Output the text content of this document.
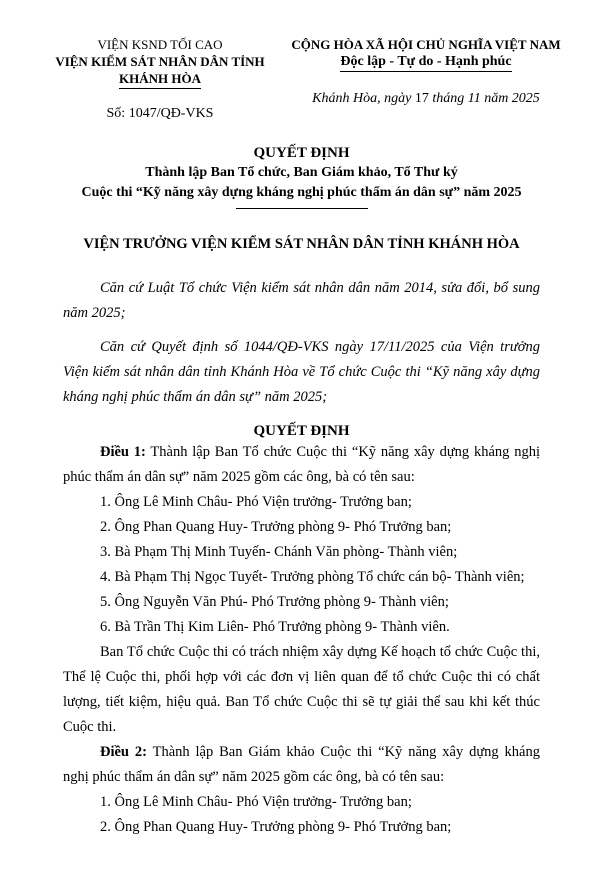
VIỆN KSND TỐI CAO
VIỆN KIỂM SÁT NHÂN DÂN TỈNH
KHÁNH HÒA
Số: 1047/QĐ-VKS
CỘNG HÒA XÃ HỘI CHỦ NGHĨA VIỆT NAM
Độc lập - Tự do - Hạnh phúc
Khánh Hòa, ngày 17 tháng 11 năm 2025
QUYẾT ĐỊNH
Thành lập Ban Tổ chức, Ban Giám khảo, Tổ Thư ký
Cuộc thi “Kỹ năng xây dựng kháng nghị phúc thẩm án dân sự” năm 2025
VIỆN TRƯỞNG VIỆN KIỂM SÁT NHÂN DÂN TỈNH KHÁNH HÒA

Căn cứ Luật Tổ chức Viện kiểm sát nhân dân năm 2014, sửa đổi, bổ sung năm 2025;

Căn cứ Quyết định số 1044/QĐ-VKS ngày 17/11/2025 của Viện trưởng Viện kiểm sát nhân dân tỉnh Khánh Hòa về Tổ chức Cuộc thi “Kỹ năng xây dựng kháng nghị phúc thẩm án dân sự” năm 2025;

QUYẾT ĐỊNH

Điều 1: Thành lập Ban Tổ chức Cuộc thi “Kỹ năng xây dựng kháng nghị phúc thẩm án dân sự” năm 2025 gồm các ông, bà có tên sau:

1. Ông Lê Minh Châu- Phó Viện trưởng- Trưởng ban;

2. Ông Phan Quang Huy- Trưởng phòng 9- Phó Trưởng ban;

3. Bà Phạm Thị Minh Tuyến- Chánh Văn phòng- Thành viên;

4. Bà Phạm Thị Ngọc Tuyết- Trưởng phòng Tổ chức cán bộ- Thành viên;

5. Ông Nguyễn Văn Phú- Phó Trưởng phòng 9- Thành viên;

6. Bà Trần Thị Kim Liên- Phó Trưởng phòng 9- Thành viên.

Ban Tổ chức Cuộc thi có trách nhiệm xây dựng Kế hoạch tổ chức Cuộc thi, Thể lệ Cuộc thi, phối hợp với các đơn vị liên quan để tổ chức Cuộc thi có chất lượng, tiết kiệm, hiệu quả. Ban Tổ chức Cuộc thi sẽ tự giải thể sau khi kết thúc Cuộc thi.

Điều 2: Thành lập Ban Giám khảo Cuộc thi “Kỹ năng xây dựng kháng nghị phúc thẩm án dân sự” năm 2025 gồm các ông, bà có tên sau:

1. Ông Lê Minh Châu- Phó Viện trưởng- Trưởng ban;

2. Ông Phan Quang Huy- Trưởng phòng 9- Phó Trưởng ban;
